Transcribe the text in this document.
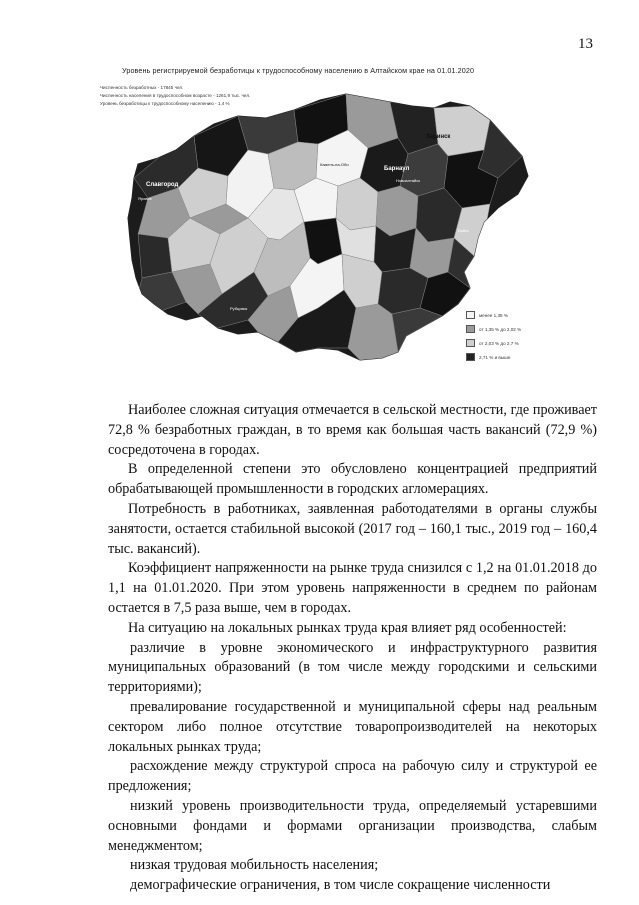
13
Уровень регистрируемой безработицы к трудоспособному населению в Алтайском крае на 01.01.2020
Численность безработных - 17845 чел.
Численность населения в трудоспособном возрасте - 1261,9 тыс. чел.
Уровень безработицы к трудоспособному населению - 1,4 %
Славгород
Яровое
Заринск
Барнаул
Алейск
Новоалтайск
Камень-на-Оби
Рубцовск
Бийск
менее 1,35 %
от 1,35 % до 2,02 %
от 2,03 % до 2,7 %
2,71 % и выше

Наиболее сложная ситуация отмечается в сельской местности, где проживает 72,8 % безработных граждан, в то время как большая часть вакансий (72,9 %) сосредоточена в городах.

В определенной степени это обусловлено концентрацией предприятий обрабатывающей промышленности в городских агломерациях.

Потребность в работниках, заявленная работодателями в органы службы занятости, остается стабильной высокой (2017 год – 160,1 тыс., 2019 год – 160,4 тыс. вакансий).

Коэффициент напряженности на рынке труда снизился с 1,2 на 01.01.2018 до 1,1 на 01.01.2020. При этом уровень напряженности в среднем по районам остается в 7,5 раза выше, чем в городах.

На ситуацию на локальных рынках труда края влияет ряд особенностей:

различие в уровне экономического и инфраструктурного развития муниципальных образований (в том числе между городскими и сельскими территориями);

превалирование государственной и муниципальной сферы над реальным сектором либо полное отсутствие товаропроизводителей на некоторых локальных рынках труда;

расхождение между структурой спроса на рабочую силу и структурой ее предложения;

низкий уровень производительности труда, определяемый устаревшими основными фондами и формами организации производства, слабым менеджментом;

низкая трудовая мобильность населения;

демографические ограничения, в том числе сокращение численности
